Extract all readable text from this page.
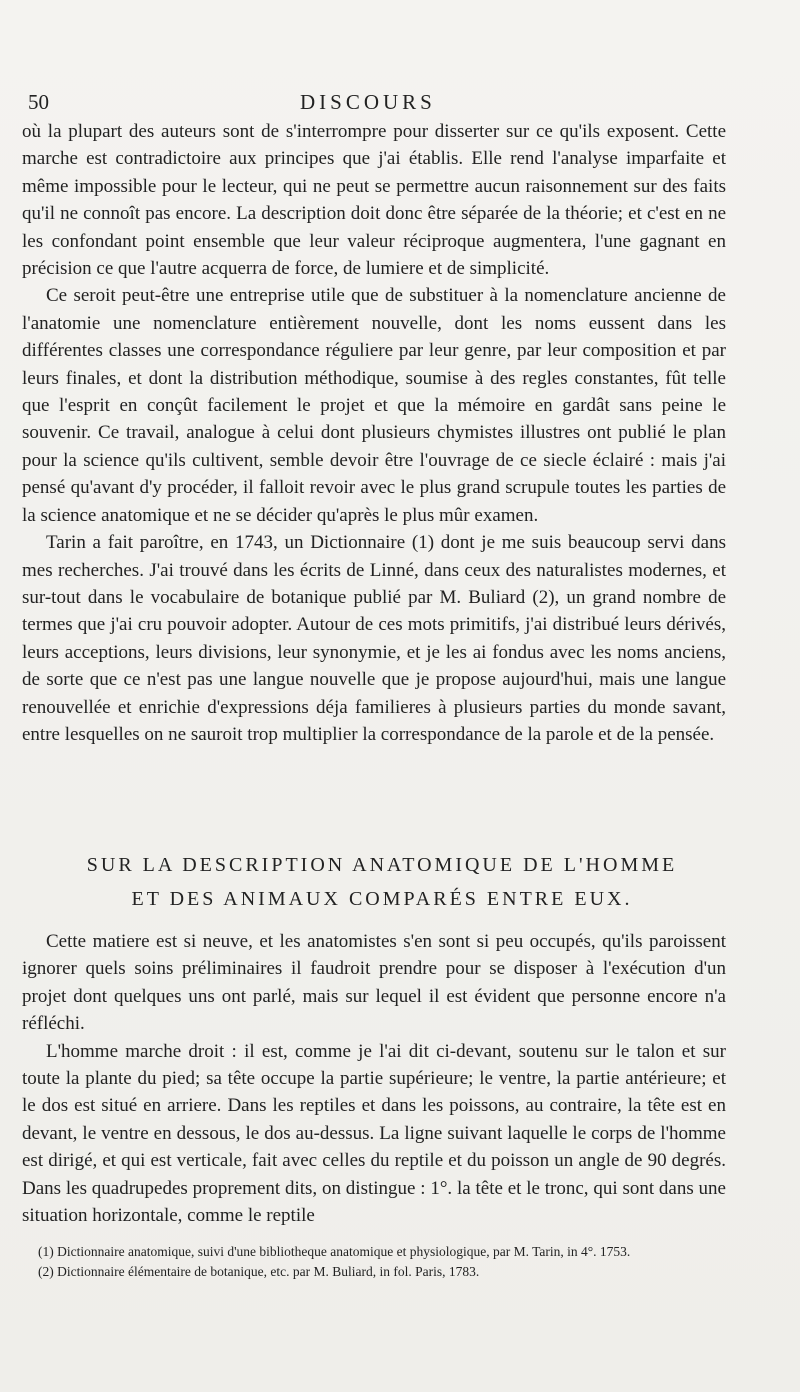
50	DISCOURS

où la plupart des auteurs sont de s'interrompre pour disserter sur ce qu'ils exposent. Cette marche est contradictoire aux principes que j'ai établis. Elle rend l'analyse imparfaite et même impossible pour le lecteur, qui ne peut se permettre aucun raisonnement sur des faits qu'il ne connoît pas encore. La description doit donc être séparée de la théorie; et c'est en ne les confondant point ensemble que leur valeur réciproque augmentera, l'une gagnant en précision ce que l'autre acquerra de force, de lumiere et de simplicité.

Ce seroit peut-être une entreprise utile que de substituer à la nomenclature ancienne de l'anatomie une nomenclature entièrement nouvelle, dont les noms eussent dans les différentes classes une correspondance réguliere par leur genre, par leur composition et par leurs finales, et dont la distribution méthodique, soumise à des regles constantes, fût telle que l'esprit en conçût facilement le projet et que la mémoire en gardât sans peine le souvenir. Ce travail, analogue à celui dont plusieurs chymistes illustres ont publié le plan pour la science qu'ils cultivent, semble devoir être l'ouvrage de ce siecle éclairé : mais j'ai pensé qu'avant d'y procéder, il falloit revoir avec le plus grand scrupule toutes les parties de la science anatomique et ne se décider qu'après le plus mûr examen.

Tarin a fait paroître, en 1743, un Dictionnaire (1) dont je me suis beaucoup servi dans mes recherches. J'ai trouvé dans les écrits de Linné, dans ceux des naturalistes modernes, et sur-tout dans le vocabulaire de botanique publié par M. Buliard (2), un grand nombre de termes que j'ai cru pouvoir adopter. Autour de ces mots primitifs, j'ai distribué leurs dérivés, leurs acceptions, leurs divisions, leur synonymie, et je les ai fondus avec les noms anciens, de sorte que ce n'est pas une langue nouvelle que je propose aujourd'hui, mais une langue renouvellée et enrichie d'expressions déja familieres à plusieurs parties du monde savant, entre lesquelles on ne sauroit trop multiplier la correspondance de la parole et de la pensée.

SUR LA DESCRIPTION ANATOMIQUE DE L'HOMME
ET DES ANIMAUX COMPARÉS ENTRE EUX.

Cette matiere est si neuve, et les anatomistes s'en sont si peu occupés, qu'ils paroissent ignorer quels soins préliminaires il faudroit prendre pour se disposer à l'exécution d'un projet dont quelques uns ont parlé, mais sur lequel il est évident que personne encore n'a réfléchi.

L'homme marche droit : il est, comme je l'ai dit ci-devant, soutenu sur le talon et sur toute la plante du pied; sa tête occupe la partie supérieure; le ventre, la partie antérieure; et le dos est situé en arriere. Dans les reptiles et dans les poissons, au contraire, la tête est en devant, le ventre en dessous, le dos au-dessus. La ligne suivant laquelle le corps de l'homme est dirigé, et qui est verticale, fait avec celles du reptile et du poisson un angle de 90 degrés. Dans les quadrupedes proprement dits, on distingue : 1°. la tête et le tronc, qui sont dans une situation horizontale, comme le reptile

(1) Dictionnaire anatomique, suivi d'une bibliotheque anatomique et physiologique, par M. Tarin, in 4°. 1753.
(2) Dictionnaire élémentaire de botanique, etc. par M. Buliard, in fol. Paris, 1783.
